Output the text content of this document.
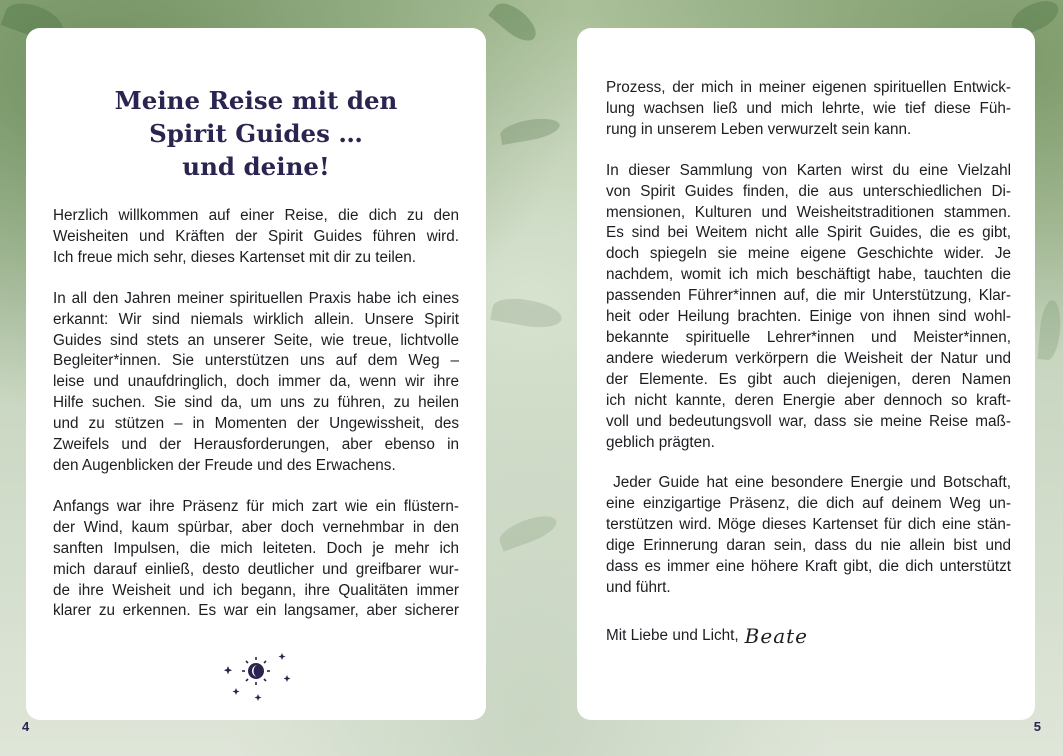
Meine Reise mit den
Spirit Guides …
und deine!

Herzlich willkommen auf einer Reise, die dich zu den
Weisheiten und Kräften der Spirit Guides führen wird.
Ich freue mich sehr, dieses Kartenset mit dir zu teilen.

In all den Jahren meiner spirituellen Praxis habe ich eines
erkannt: Wir sind niemals wirklich allein. Unsere Spirit
Guides sind stets an unserer Seite, wie treue, lichtvolle
Begleiter*innen. Sie unterstützen uns auf dem Weg –
leise und unaufdringlich, doch immer da, wenn wir ihre
Hilfe suchen. Sie sind da, um uns zu führen, zu heilen
und zu stützen – in Momenten der Ungewissheit, des
Zweifels und der Herausforderungen, aber ebenso in
den Augenblicken der Freude und des Erwachens.

Anfangs war ihre Präsenz für mich zart wie ein flüstern-
der Wind, kaum spürbar, aber doch vernehmbar in den
sanften Impulsen, die mich leiteten. Doch je mehr ich
mich darauf einließ, desto deutlicher und greifbarer wur-
de ihre Weisheit und ich begann, ihre Qualitäten immer
klarer zu erkennen. Es war ein langsamer, aber sicherer

4

Prozess, der mich in meiner eigenen spirituellen Entwick-
lung wachsen ließ und mich lehrte, wie tief diese Füh-
rung in unserem Leben verwurzelt sein kann.

In dieser Sammlung von Karten wirst du eine Vielzahl
von Spirit Guides finden, die aus unterschiedlichen Di-
mensionen, Kulturen und Weisheitstraditionen stammen.
Es sind bei Weitem nicht alle Spirit Guides, die es gibt,
doch spiegeln sie meine eigene Geschichte wider. Je
nachdem, womit ich mich beschäftigt habe, tauchten die
passenden Führer*innen auf, die mir Unterstützung, Klar-
heit oder Heilung brachten. Einige von ihnen sind wohl-
bekannte spirituelle Lehrer*innen und Meister*innen,
andere wiederum verkörpern die Weisheit der Natur und
der Elemente. Es gibt auch diejenigen, deren Namen
ich nicht kannte, deren Energie aber dennoch so kraft-
voll und bedeutungsvoll war, dass sie meine Reise maß-
geblich prägten.

Jeder Guide hat eine besondere Energie und Botschaft,
eine einzigartige Präsenz, die dich auf deinem Weg un-
terstützen wird. Möge dieses Kartenset für dich eine stän-
dige Erinnerung daran sein, dass du nie allein bist und
dass es immer eine höhere Kraft gibt, die dich unterstützt
und führt.

Mit Liebe und Licht, Beate
5
